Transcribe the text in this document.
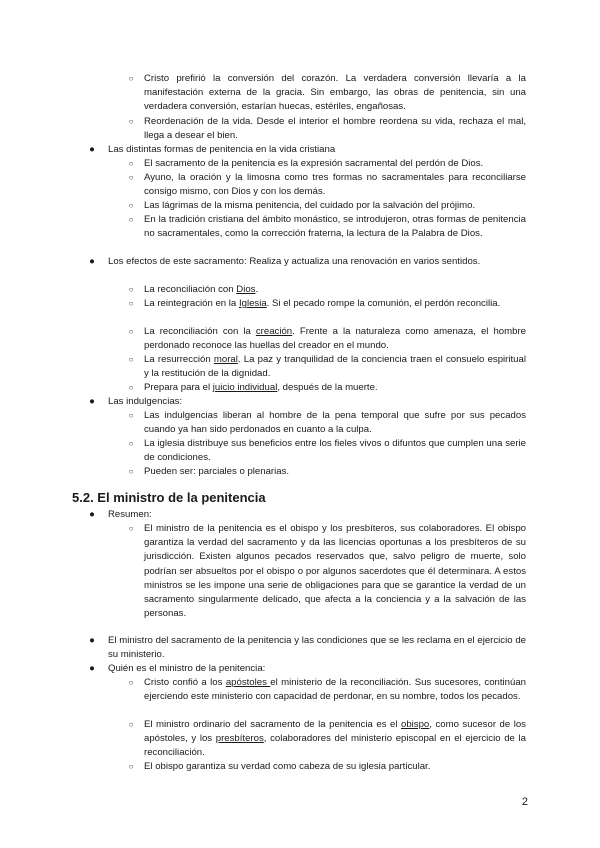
○	Cristo prefirió la conversión del corazón. La verdadera conversión llevaría a la manifestación externa de la gracia. Sin embargo, las obras de penitencia, sin una verdadera conversión, estarían huecas, estériles, engañosas.
○	Reordenación de la vida. Desde el interior el hombre reordena su vida, rechaza el mal, llega a desear el bien.
●	Las distintas formas de penitencia en la vida cristiana
○	El sacramento de la penitencia es la expresión sacramental del perdón de Dios.
○	Ayuno, la oración y la limosna como tres formas no sacramentales para reconciliarse consigo mismo, con Dios y con los demás.
○	Las lágrimas de la misma penitencia, del cuidado por la salvación del prójimo.
○	En la tradición cristiana del ámbito monástico, se introdujeron, otras formas de penitencia no sacramentales, como la corrección fraterna, la lectura de la Palabra de Dios.
●	Los efectos de este sacramento: Realiza y actualiza una renovación en varios sentidos.
○	La reconciliación con Dios.
○	La reintegración en la Iglesia. Si el pecado rompe la comunión, el perdón reconcilia.
○	La reconciliación con la creación. Frente a la naturaleza como amenaza, el hombre perdonado reconoce las huellas del creador en el mundo.
○	La resurrección moral. La paz y tranquilidad de la conciencia traen el consuelo espiritual y la restitución de la dignidad.
○	Prepara para el juicio individual, después de la muerte.
●	Las indulgencias:
○	Las indulgencias liberan al hombre de la pena temporal que sufre por sus pecados cuando ya han sido perdonados en cuanto a la culpa.
○	La iglesia distribuye sus beneficios entre los fieles vivos o difuntos que cumplen una serie de condiciones.
○	Pueden ser: parciales o plenarias.
5.2. El ministro de la penitencia
●	Resumen:
○	El ministro de la penitencia es el obispo y los presbíteros, sus colaboradores. El obispo garantiza la verdad del sacramento y da las licencias oportunas a los presbíteros de su jurisdicción. Existen algunos pecados reservados que, salvo peligro de muerte, solo podrían ser absueltos por el obispo o por algunos sacerdotes que él determinara. A estos ministros se les impone una serie de obligaciones para que se garantice la verdad de un sacramento singularmente delicado, que afecta a la conciencia y a la salvación de las personas.
●	El ministro del sacramento de la penitencia y las condiciones que se les reclama en el ejercicio de su ministerio.
●	Quién es el ministro de la penitencia:
○	Cristo confió a los apóstoles el ministerio de la reconciliación. Sus sucesores, continúan ejerciendo este ministerio con capacidad de perdonar, en su nombre, todos los pecados.
○	El ministro ordinario del sacramento de la penitencia es el obispo, como sucesor de los apóstoles, y los presbíteros, colaboradores del ministerio episcopal en el ejercicio de la reconciliación.
○	El obispo garantiza su verdad como cabeza de su iglesia particular.
2
